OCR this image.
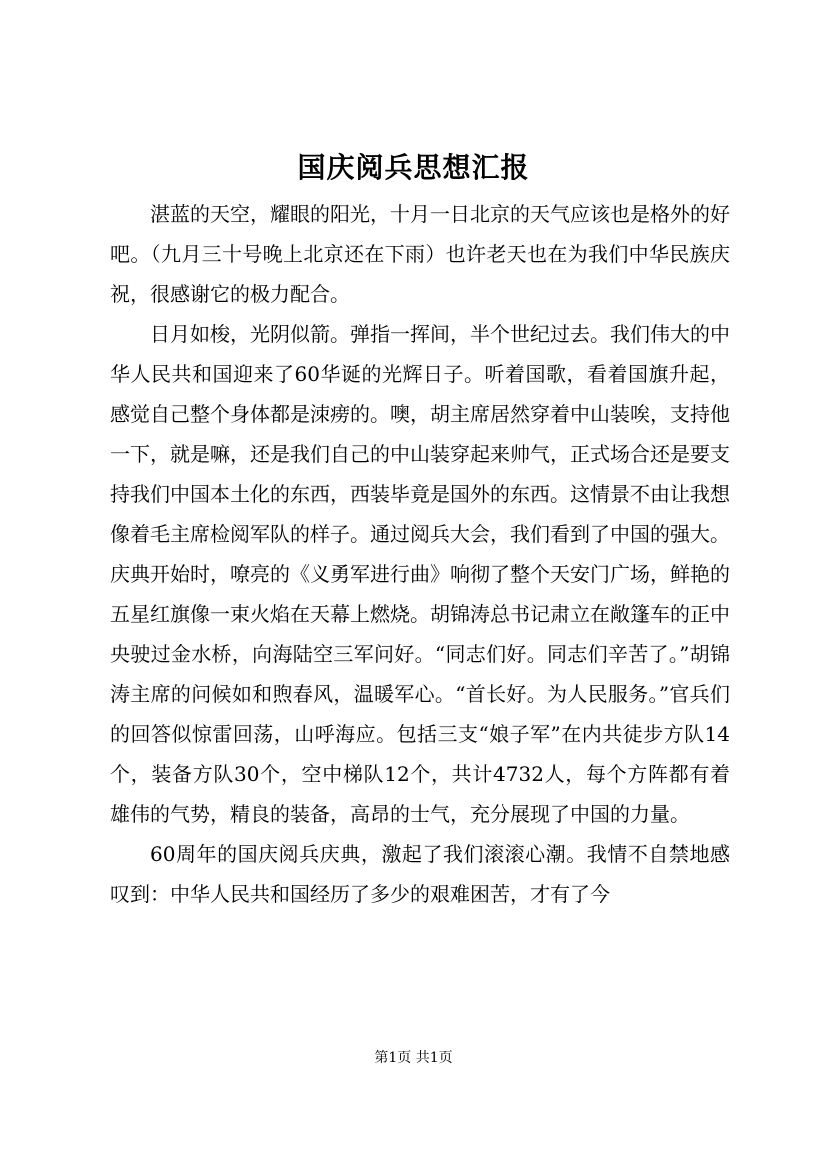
国庆阅兵思想汇报

湛蓝的天空，耀眼的阳光，十月一日北京的天气应该也是格外的好吧。（九月三十号晚上北京还在下雨）也许老天也在为我们中华民族庆祝，很感谢它的极力配合。

日月如梭，光阴似箭。弹指一挥间，半个世纪过去。我们伟大的中华人民共和国迎来了60华诞的光辉日子。听着国歌，看着国旗升起，感觉自己整个身体都是洓痨的。噢，胡主席居然穿着中山装唉，支持他一下，就是嘛，还是我们自己的中山装穿起来帅气，正式场合还是要支持我们中国本土化的东西，西装毕竟是国外的东西。这情景不由让我想像着毛主席检阅军队的样子。通过阅兵大会，我们看到了中国的强大。庆典开始时，嘹亮的《义勇军进行曲》响彻了整个天安门广场，鲜艳的五星红旗像一束火焰在天幕上燃烧。胡锦涛总书记肃立在敞篷车的正中央驶过金水桥，向海陆空三军问好。“同志们好。同志们辛苦了。”胡锦涛主席的问候如和煦春风，温暖军心。“首长好。为人民服务。”官兵们的回答似惊雷回荡，山呼海应。包括三支“娘子军”在内共徒步方队14个，装备方队30个，空中梯队12个，共计4732人，每个方阵都有着雄伟的气势，精良的装备，高昂的士气，充分展现了中国的力量。

60周年的国庆阅兵庆典，激起了我们滚滚心潮。我情不自禁地感叹到：中华人民共和国经历了多少的艰难困苦，才有了今

第1页 共1页
